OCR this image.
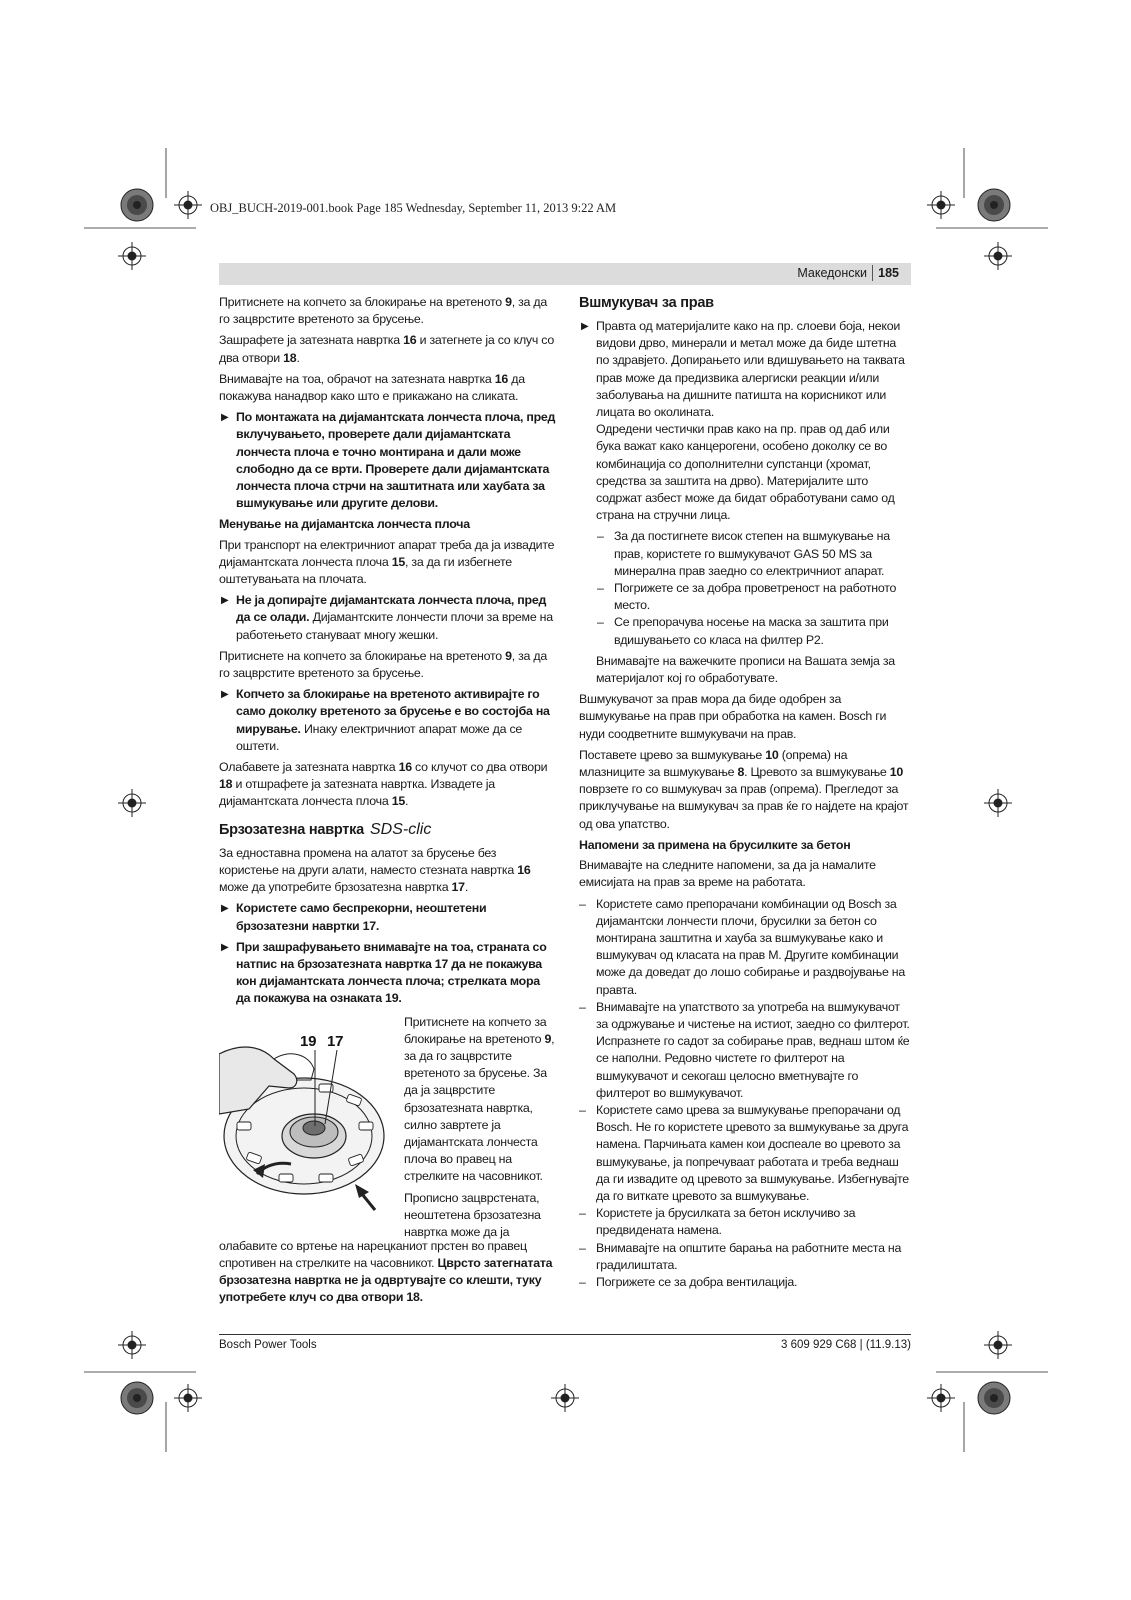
OBJ_BUCH-2019-001.book Page 185 Wednesday, September 11, 2013 9:22 AM
Македонски 185

Притиснете на копчето за блокирање на вретеното 9, за да го зацврстите вретеното за брусење.

Зашрафете ја затезната навртка 16 и затегнете ја со клуч со два отвори 18.

Внимавајте на тоа, обрачот на затезната навртка 16 да покажува нанадвор како што е прикажано на сликата.

▶ По монтажата на дијамантската лончеста плоча, пред вклучувањето, проверете дали дијамантската лончеста плоча е точно монтирана и дали може слободно да се врти. Проверете дали дијамантската лончеста плоча стрчи на заштитната или хаубата за вшмукување или другите делови.
Менување на дијамантска лончеста плоча

При транспорт на електричниот апарат треба да ја извадите дијамантската лончеста плоча 15, за да ги избегнете оштетувањата на плочата.

▶ Не ја допирајте дијамантската лончеста плоча, пред да се олади. Дијамантските лончести плочи за време на работењето стануваат многу жешки.

Притиснете на копчето за блокирање на вретеното 9, за да го зацврстите вретеното за брусење.

▶ Копчето за блокирање на вретеното активирајте го само доколку вретеното за брусење е во состојба на мирување. Инаку електричниот апарат може да се оштети.

Олабавете ја затезната навртка 16 со клучот со два отвори 18 и отшрафете ја затезната навртка. Извадете ја дијамантската лончеста плоча 15.

Брзозатезна навртка SDS-clic

За едноставна промена на алатот за брусење без користење на други алати, наместо стезната навртка 16 може да употребите брзозатезна навртка 17.

▶ Користете само беспрекорни, неоштетени брзозатезни навртки 17.
▶ При зашрафувањето внимавајте на тоа, страната со натпис на брзозатезната навртка 17 да не покажува кон дијамантската лончеста плоча; стрелката мора да покажува на ознаката 19.
19 17

Притиснете на копчето за блокирање на вретеното 9, за да го зацврстите вретеното за брусење. За да ја зацврстите брзозатезната навртка, силно завртете ја дијамантската лончеста плоча во правец на стрелките на часовникот.

Прописно зацврстената, неоштетена брзозатезна навртка може да ја

олабавите со вртење на нарецканиот прстен во правец спротивен на стрелките на часовникот. Цврсто затегнатата брзозатезна навртка не ја одвртувајте со клешти, туку употребете клуч со два отвори 18.

Вшмукувач за прав
▶ Правта од материјалите како на пр. слоеви боја, некои видови дрво, минерали и метал може да биде штетна по здравјето. Допирањето или вдишувањето на таквата прав може да предизвика алергиски реакции и/или заболувања на дишните патишта на корисникот или лицата во околината.

Одредени честички прав како на пр. прав од даб или бука важат како канцерогени, особено доколку се во комбинација со дополнителни супстанци (хромат, средства за заштита на дрво). Материјалите што содржат азбест може да бидат обработувани само од страна на стручни лица.

– За да постигнете висок степен на вшмукување на прав, користете го вшмукувачот GAS 50 MS за минерална прав заедно со електричниот апарат.
– Погрижете се за добра проветреност на работното место.
– Се препорачува носење на маска за заштита при вдишувањето со класа на филтер P2.

Внимавајте на важечките прописи на Вашата земја за материјалот кој го обработувате.

Вшмукувачот за прав мора да биде одобрен за вшмукување на прав при обработка на камен. Bosch ги нуди соодветните вшмукувачи на прав.

Поставете црево за вшмукување 10 (опрема) на млазниците за вшмукување 8. Цревото за вшмукување 10 поврзете го со вшмукувач за прав (опрема). Прегледот за приклучување на вшмукувач за прав ќе го најдете на крајот од ова упатство.

Напомени за примена на брусилките за бетон

Внимавајте на следните напомени, за да ја намалите емисијата на прав за време на работата.

– Користете само препорачани комбинации од Bosch за дијамантски лончести плочи, брусилки за бетон со монтирана заштитна и хауба за вшмукување како и вшмукувач од класата на прав M. Другите комбинации може да доведат до лошо собирање и раздвојување на правта.
– Внимавајте на упатството за употреба на вшмукувачот за одржување и чистење на истиот, заедно со филтерот. Испразнете го садот за собирање прав, веднаш штом ќе се наполни. Редовно чистете го филтерот на вшмукувачот и секогаш целосно вметнувајте го филтерот во вшмукувачот.
– Користете само црева за вшмукување препорачани од Bosch. Не го користете цревото за вшмукување за друга намена. Парчињата камен кои доспеале во цревото за вшмукување, ја попречуваат работата и треба веднаш да ги извадите од цревото за вшмукување. Избегнувајте да го виткате цревото за вшмукување.
– Користете ја брусилката за бетон исклучиво за предвидената намена.
– Внимавајте на општите барања на работните места на градилиштата.
– Погрижете се за добра вентилација.
Bosch Power Tools	3 609 929 C68 | (11.9.13)
